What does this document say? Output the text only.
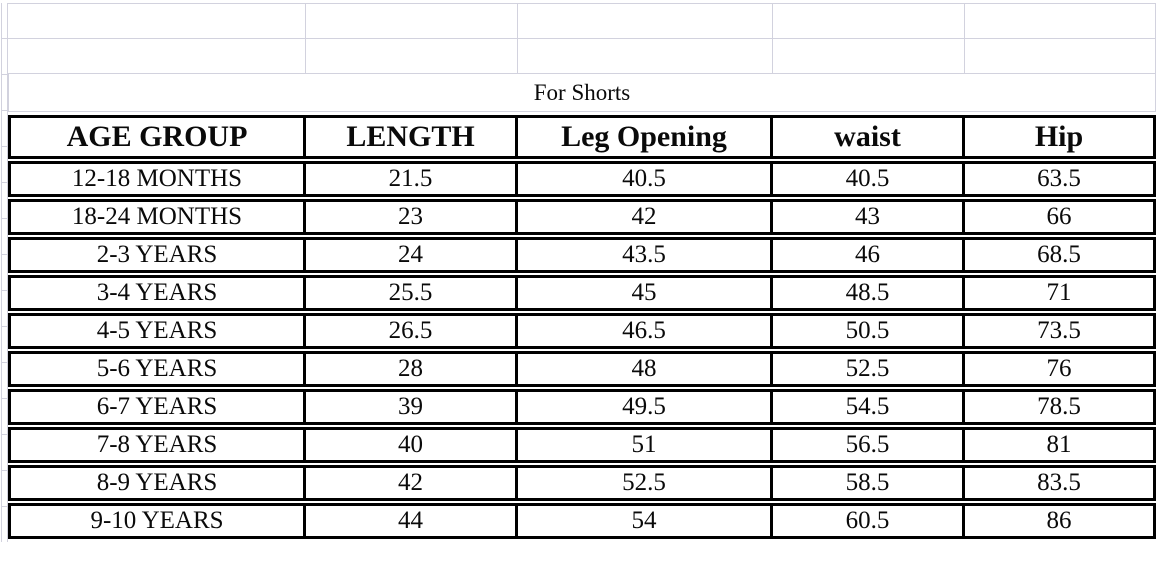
For Shorts
AGE GROUP	LENGTH	Leg Opening	waist	Hip
12-18 MONTHS	21.5	40.5	40.5	63.5
18-24 MONTHS	23	42	43	66
2-3 YEARS	24	43.5	46	68.5
3-4 YEARS	25.5	45	48.5	71
4-5 YEARS	26.5	46.5	50.5	73.5
5-6 YEARS	28	48	52.5	76
6-7 YEARS	39	49.5	54.5	78.5
7-8 YEARS	40	51	56.5	81
8-9 YEARS	42	52.5	58.5	83.5
9-10 YEARS	44	54	60.5	86
